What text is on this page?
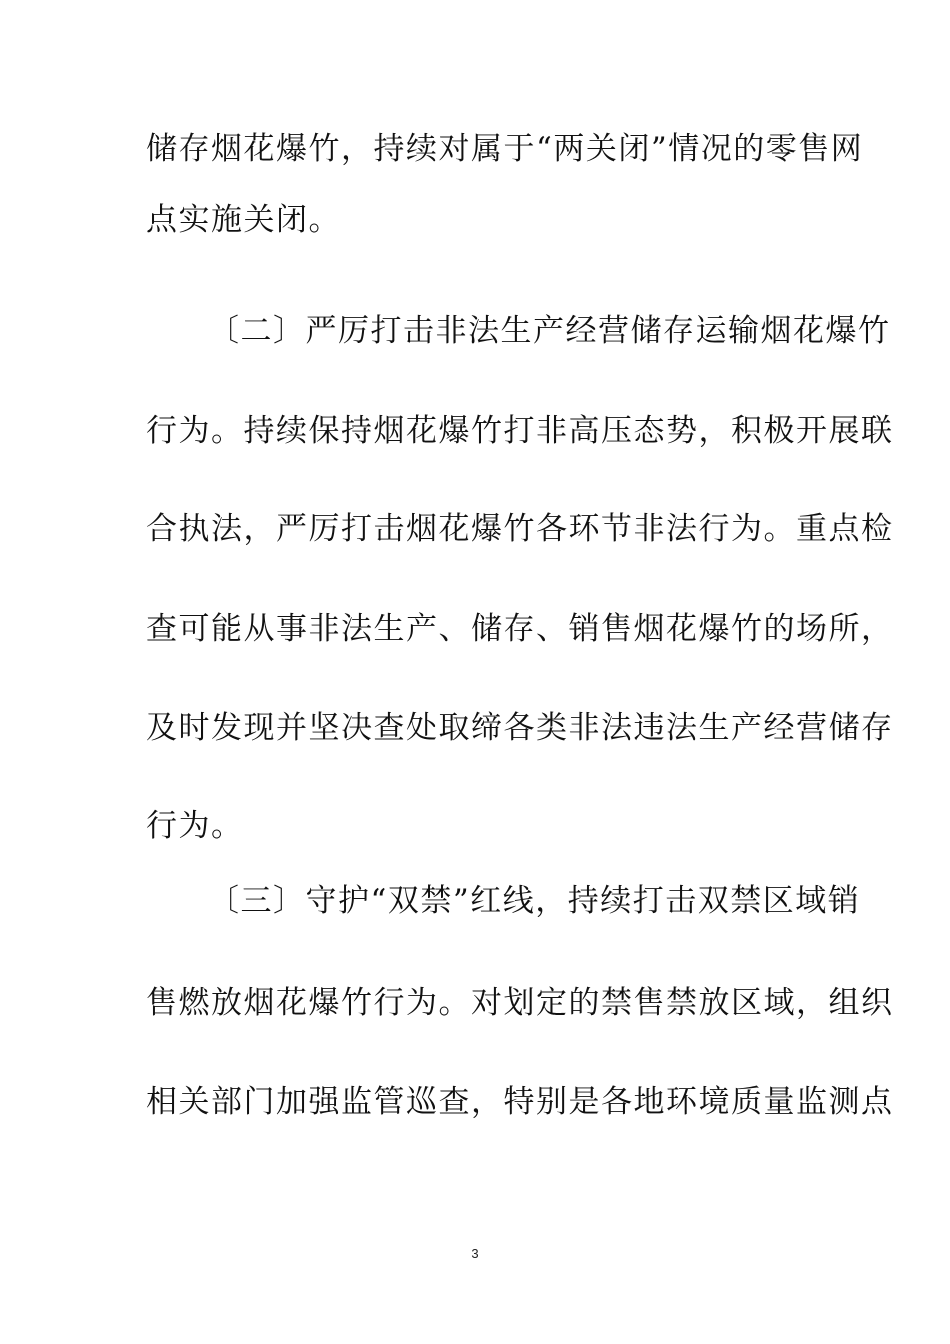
储存烟花爆竹，持续对属于“两关闭”情况的零售网
点实施关闭。
〔二〕严厉打击非法生产经营储存运输烟花爆竹
行为。持续保持烟花爆竹打非高压态势，积极开展联
合执法，严厉打击烟花爆竹各环节非法行为。重点检
查可能从事非法生产、储存、销售烟花爆竹的场所，
及时发现并坚决查处取缔各类非法违法生产经营储存
行为。
〔三〕守护“双禁”红线，持续打击双禁区域销
售燃放烟花爆竹行为。对划定的禁售禁放区域，组织
相关部门加强监管巡查，特别是各地环境质量监测点
3
